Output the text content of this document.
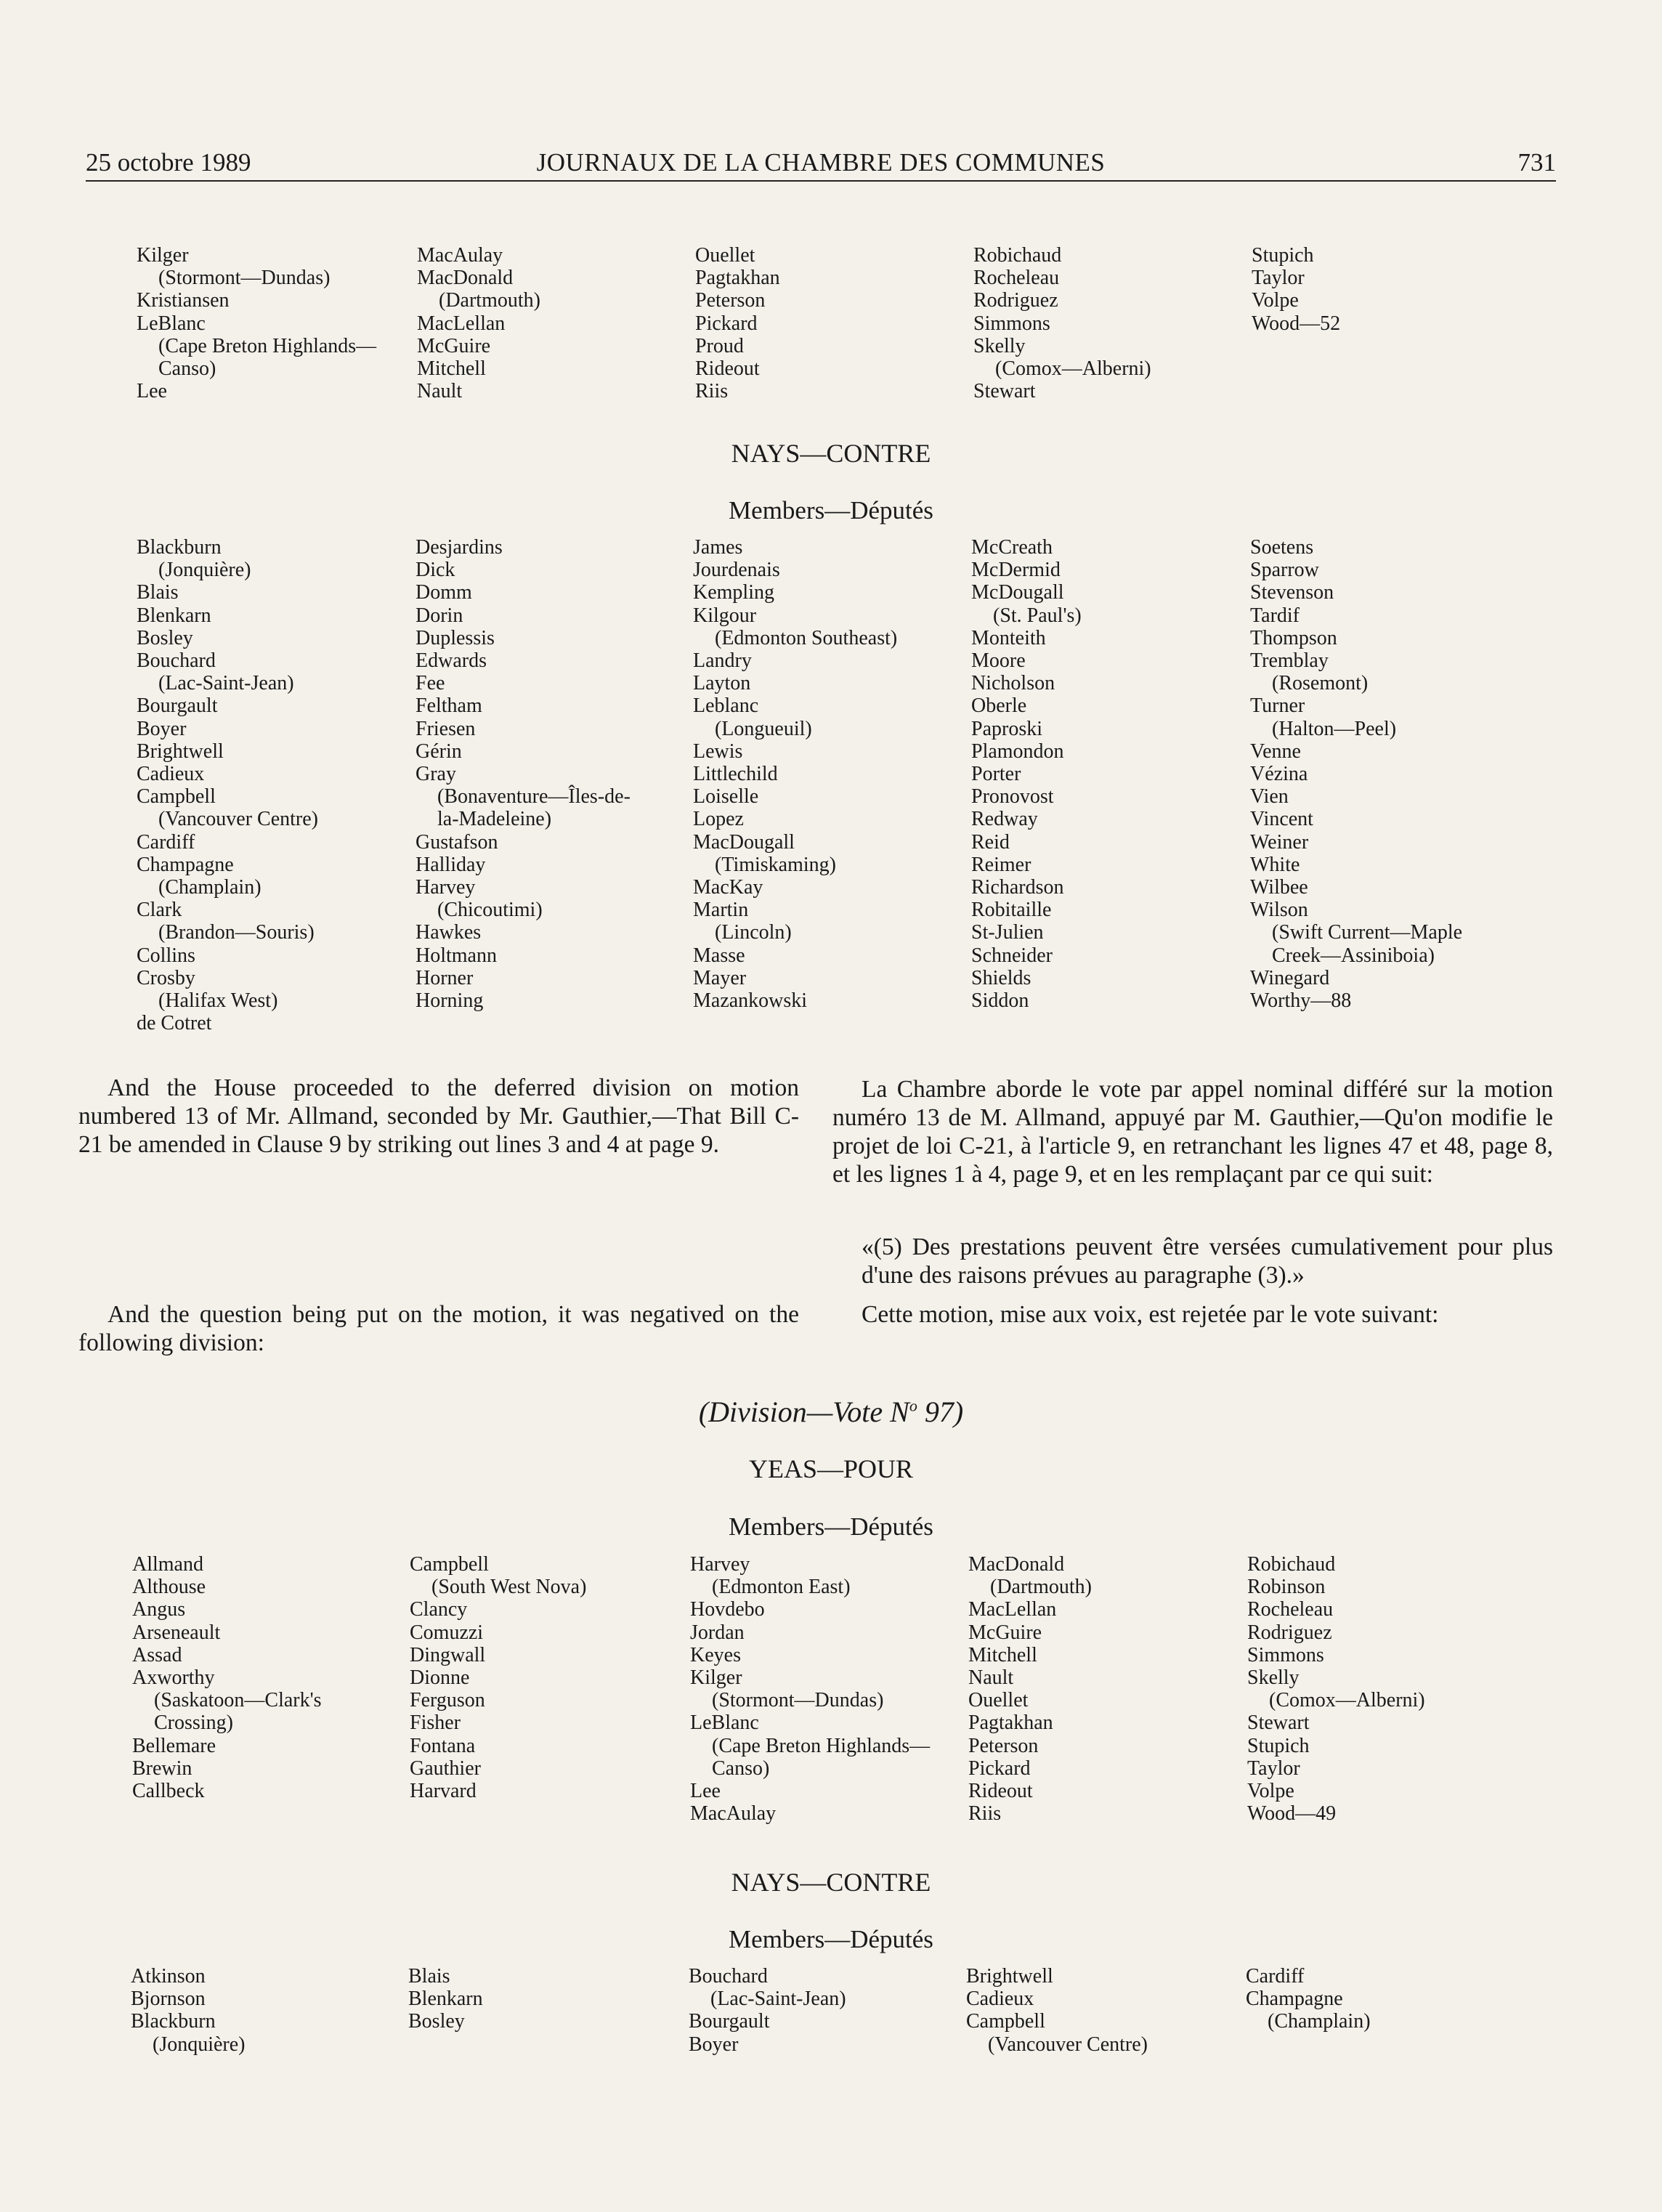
25 octobre 1989	JOURNAUX DE LA CHAMBRE DES COMMUNES	731
Kilger
(Stormont—Dundas)
Kristiansen
LeBlanc
(Cape Breton Highlands—
Canso)
Lee
MacAulay
MacDonald
(Dartmouth)
MacLellan
McGuire
Mitchell
Nault
Ouellet
Pagtakhan
Peterson
Pickard
Proud
Rideout
Riis
Robichaud
Rocheleau
Rodriguez
Simmons
Skelly
(Comox—Alberni)
Stewart
Stupich
Taylor
Volpe
Wood—52
NAYS—CONTRE
Members—Députés
Blackburn
(Jonquière)
Blais
Blenkarn
Bosley
Bouchard
(Lac-Saint-Jean)
Bourgault
Boyer
Brightwell
Cadieux
Campbell
(Vancouver Centre)
Cardiff
Champagne
(Champlain)
Clark
(Brandon—Souris)
Collins
Crosby
(Halifax West)
de Cotret
Desjardins
Dick
Domm
Dorin
Duplessis
Edwards
Fee
Feltham
Friesen
Gérin
Gray
(Bonaventure—Îles-de-
la-Madeleine)
Gustafson
Halliday
Harvey
(Chicoutimi)
Hawkes
Holtmann
Horner
Horning
James
Jourdenais
Kempling
Kilgour
(Edmonton Southeast)
Landry
Layton
Leblanc
(Longueuil)
Lewis
Littlechild
Loiselle
Lopez
MacDougall
(Timiskaming)
MacKay
Martin
(Lincoln)
Masse
Mayer
Mazankowski
McCreath
McDermid
McDougall
(St. Paul's)
Monteith
Moore
Nicholson
Oberle
Paproski
Plamondon
Porter
Pronovost
Redway
Reid
Reimer
Richardson
Robitaille
St-Julien
Schneider
Shields
Siddon
Soetens
Sparrow
Stevenson
Tardif
Thompson
Tremblay
(Rosemont)
Turner
(Halton—Peel)
Venne
Vézina
Vien
Vincent
Weiner
White
Wilbee
Wilson
(Swift Current—Maple
Creek—Assiniboia)
Winegard
Worthy—88
And the House proceeded to the deferred division on motion numbered 13 of Mr. Allmand, seconded by Mr. Gauthier,—That Bill C-21 be amended in Clause 9 by striking out lines 3 and 4 at page 9.
And the question being put on the motion, it was negatived on the following division:
La Chambre aborde le vote par appel nominal différé sur la motion numéro 13 de M. Allmand, appuyé par M. Gauthier,—Qu'on modifie le projet de loi C-21, à l'article 9, en retranchant les lignes 47 et 48, page 8, et les lignes 1 à 4, page 9, et en les remplaçant par ce qui suit:
«(5) Des prestations peuvent être versées cumulativement pour plus d'une des raisons prévues au paragraphe (3).»
Cette motion, mise aux voix, est rejetée par le vote suivant:
(Division—Vote $N^o$ 97)
YEAS—POUR
Members—Députés
Allmand
Althouse
Angus
Arseneault
Assad
Axworthy
(Saskatoon—Clark's
Crossing)
Bellemare
Brewin
Callbeck
Campbell
(South West Nova)
Clancy
Comuzzi
Dingwall
Dionne
Ferguson
Fisher
Fontana
Gauthier
Harvard
Harvey
(Edmonton East)
Hovdebo
Jordan
Keyes
Kilger
(Stormont—Dundas)
LeBlanc
(Cape Breton Highlands—
Canso)
Lee
MacAulay
MacDonald
(Dartmouth)
MacLellan
McGuire
Mitchell
Nault
Ouellet
Pagtakhan
Peterson
Pickard
Rideout
Riis
Robichaud
Robinson
Rocheleau
Rodriguez
Simmons
Skelly
(Comox—Alberni)
Stewart
Stupich
Taylor
Volpe
Wood—49
NAYS—CONTRE
Members—Députés
Atkinson
Bjornson
Blackburn
(Jonquière)
Blais
Blenkarn
Bosley
Bouchard
(Lac-Saint-Jean)
Bourgault
Boyer
Brightwell
Cadieux
Campbell
(Vancouver Centre)
Cardiff
Champagne
(Champlain)
